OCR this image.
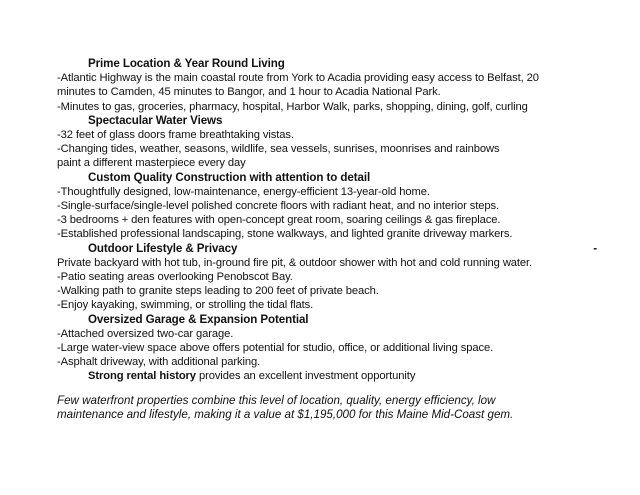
Prime Location & Year Round Living
-Atlantic Highway is the main coastal route from York to Acadia providing easy access to Belfast, 20
minutes to Camden, 45 minutes to Bangor, and 1 hour to Acadia National Park.
-Minutes to gas, groceries, pharmacy, hospital, Harbor Walk, parks, shopping, dining, golf, curling
Spectacular Water Views
-32 feet of glass doors frame breathtaking vistas.
-Changing tides, weather, seasons, wildlife, sea vessels, sunrises, moonrises and rainbows
paint a different masterpiece every day
Custom Quality Construction with attention to detail
-Thoughtfully designed, low-maintenance, energy-efficient 13-year-old home.
-Single-surface/single-level polished concrete floors with radiant heat, and no interior steps.
-3 bedrooms + den features with open-concept great room, soaring ceilings & gas fireplace.
-Established professional landscaping, stone walkways, and lighted granite driveway markers.
Outdoor Lifestyle & Privacy	-
Private backyard with hot tub, in-ground fire pit, & outdoor shower with hot and cold running water.
-Patio seating areas overlooking Penobscot Bay.
-Walking path to granite steps leading to 200 feet of private beach.
-Enjoy kayaking, swimming, or strolling the tidal flats.
Oversized Garage & Expansion Potential
-Attached oversized two-car garage.
-Large water-view space above offers potential for studio, office, or additional living space.
-Asphalt driveway, with additional parking.
Strong rental history provides an excellent investment opportunity
Few waterfront properties combine this level of location, quality, energy efficiency, low
maintenance and lifestyle, making it a value at $1,195,000 for this Maine Mid-Coast gem.
